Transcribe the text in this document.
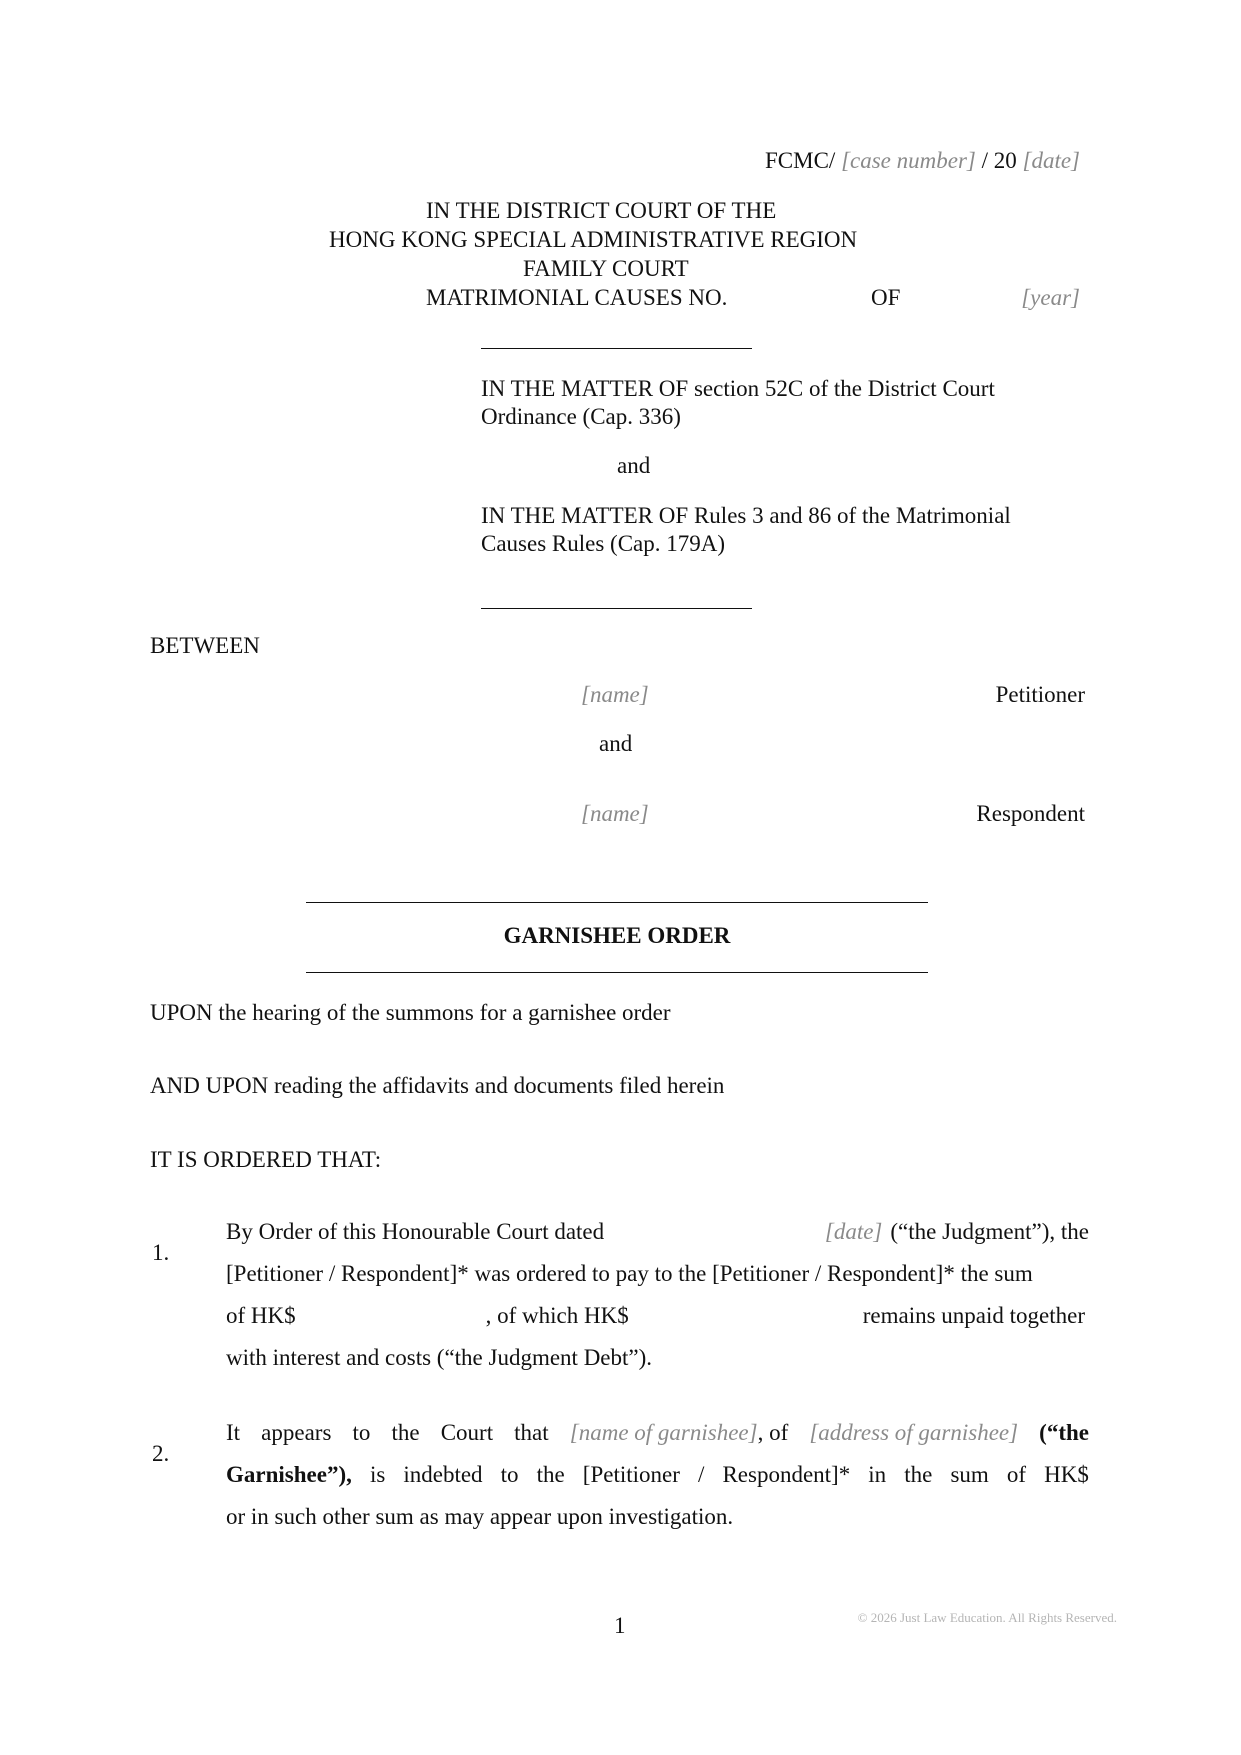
FCMC/ [case number] / 20 [date]
IN THE DISTRICT COURT OF THE
HONG KONG SPECIAL ADMINISTRATIVE REGION
FAMILY COURT
MATRIMONIAL CAUSES NO.	OF	[year]
IN THE MATTER OF section 52C of the District Court
Ordinance (Cap. 336)
and
IN THE MATTER OF Rules 3 and 86 of the Matrimonial
Causes Rules (Cap. 179A)
BETWEEN
[name]	Petitioner
and
[name]	Respondent
GARNISHEE ORDER
UPON the hearing of the summons for a garnishee order
AND UPON reading the affidavits and documents filed herein
IT IS ORDERED THAT:
1.
By Order of this Honourable Court dated	[date] (“the Judgment”), the
[Petitioner / Respondent]* was ordered to pay to the [Petitioner / Respondent]* the sum
of HK$	, of which HK$	remains unpaid together
with interest and costs (“the Judgment Debt”).
2.
It appears to the Court that [name of garnishee], of [address of garnishee] (“the
Garnishee”), is indebted to the [Petitioner / Respondent]* in the sum of HK$
or in such other sum as may appear upon investigation.
1	© 2026 Just Law Education. All Rights Reserved.
